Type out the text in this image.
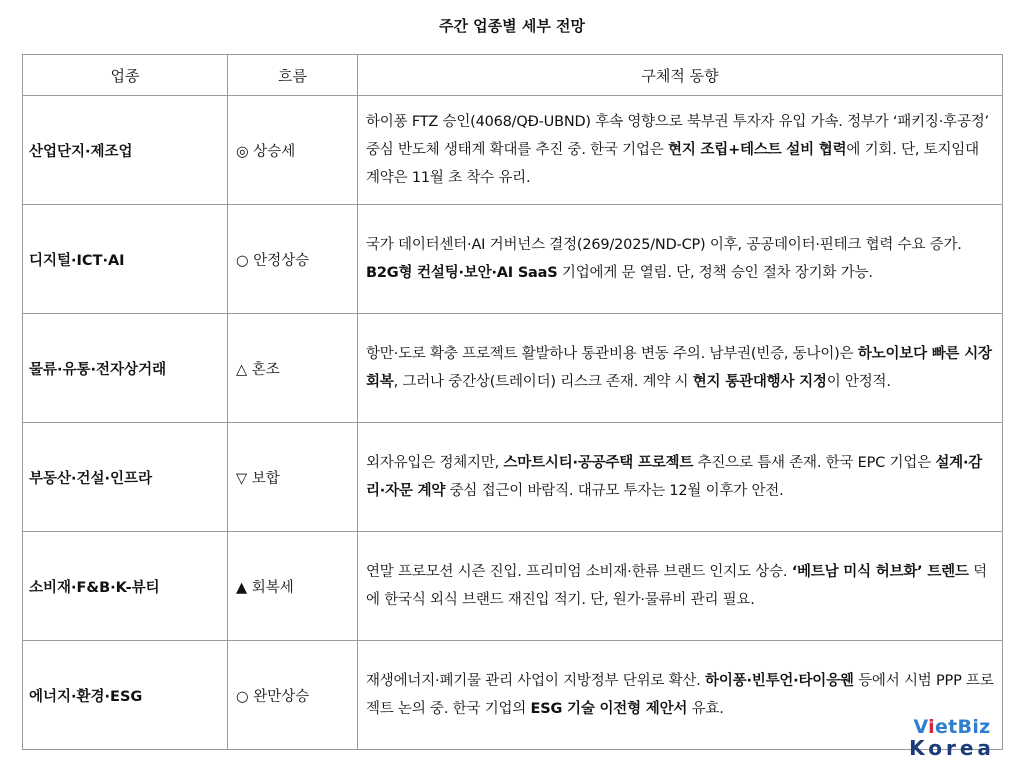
주간 업종별 세부 전망
업종	흐름	구체적 동향
산업단지·제조업	◎ 상승세	하이퐁 FTZ 승인(4068/QĐ-UBND) 후속 영향으로 북부권 투자자 유입 가속. 정부가 ‘패키징·후공정’ 중심 반도체 생태계 확대를 추진 중. 한국 기업은 현지 조립+테스트 설비 협력에 기회. 단, 토지임대 계약은 11월 초 착수 유리.
디지털·ICT·AI	○ 안정상승	국가 데이터센터·AI 거버넌스 결정(269/2025/ND-CP) 이후, 공공데이터·핀테크 협력 수요 증가. B2G형 컨설팅·보안·AI SaaS 기업에게 문 열림. 단, 정책 승인 절차 장기화 가능.
물류·유통·전자상거래	△ 혼조	항만·도로 확충 프로젝트 활발하나 통관비용 변동 주의. 남부권(빈증, 동나이)은 하노이보다 빠른 시장 회복, 그러나 중간상(트레이더) 리스크 존재. 계약 시 현지 통관대행사 지정이 안정적.
부동산·건설·인프라	▽ 보합	외자유입은 정체지만, 스마트시티·공공주택 프로젝트 추진으로 틈새 존재. 한국 EPC 기업은 설계·감리·자문 계약 중심 접근이 바람직. 대규모 투자는 12월 이후가 안전.
소비재·F&B·K-뷰티	▲ 회복세	연말 프로모션 시즌 진입. 프리미엄 소비재·한류 브랜드 인지도 상승. ‘베트남 미식 허브화’ 트렌드 덕에 한국식 외식 브랜드 재진입 적기. 단, 원가·물류비 관리 필요.
에너지·환경·ESG	○ 완만상승	재생에너지·폐기물 관리 사업이 지방정부 단위로 확산. 하이퐁·빈투언·타이응웬 등에서 시범 PPP 프로젝트 논의 중. 한국 기업의 ESG 기술 이전형 제안서 유효.
VietBiz
Korea
